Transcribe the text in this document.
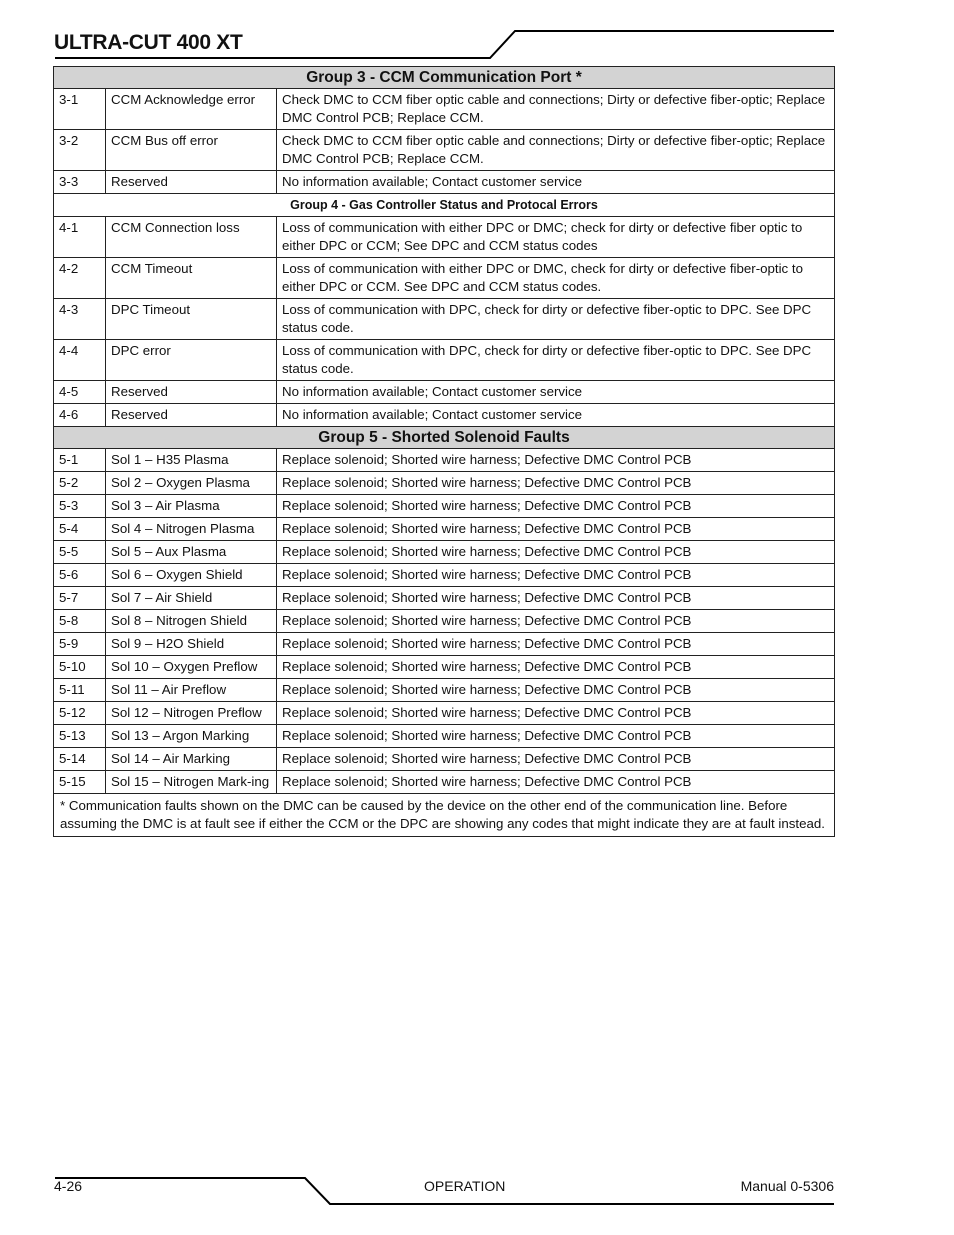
ULTRA-CUT 400 XT
Group 3 - CCM Communication Port *		
3-1	CCM Acknowledge error	Check DMC to CCM fiber optic cable and connections; Dirty or defective fiber-optic; Replace DMC Control PCB; Replace CCM.
3-2	CCM Bus off error	Check DMC to CCM fiber optic cable and connections; Dirty or defective fiber-optic; Replace DMC Control PCB; Replace CCM.
3-3	Reserved	No information available; Contact customer service
Group 4 - Gas Controller Status and Protocal Errors		
4-1	CCM Connection loss	Loss of communication with either DPC or DMC; check for dirty or defective fiber optic to either DPC or CCM; See DPC and CCM status codes
4-2	CCM Timeout	Loss of communication with either DPC or DMC, check for dirty or defective fiber-optic to either DPC or CCM. See DPC and CCM status codes.
4-3	DPC Timeout	Loss of communication with DPC, check for dirty or defective fiber-optic to DPC. See DPC status code.
4-4	DPC error	Loss of communication with DPC, check for dirty or defective fiber-optic to DPC. See DPC status code.
4-5	Reserved	No information available; Contact customer service
4-6	Reserved	No information available; Contact customer service
Group 5 - Shorted Solenoid Faults		
5-1	Sol 1 – H35 Plasma	Replace solenoid; Shorted wire harness; Defective DMC Control PCB
5-2	Sol 2 – Oxygen Plasma	Replace solenoid; Shorted wire harness; Defective DMC Control PCB
5-3	Sol 3 – Air Plasma	Replace solenoid; Shorted wire harness; Defective DMC Control PCB
5-4	Sol 4 – Nitrogen Plasma	Replace solenoid; Shorted wire harness; Defective DMC Control PCB
5-5	Sol 5 – Aux Plasma	Replace solenoid; Shorted wire harness; Defective DMC Control PCB
5-6	Sol 6 – Oxygen Shield	Replace solenoid; Shorted wire harness; Defective DMC Control PCB
5-7	Sol 7 – Air Shield	Replace solenoid; Shorted wire harness; Defective DMC Control PCB
5-8	Sol 8 – Nitrogen Shield	Replace solenoid; Shorted wire harness; Defective DMC Control PCB
5-9	Sol 9 – H2O Shield	Replace solenoid; Shorted wire harness; Defective DMC Control PCB
5-10	Sol 10 – Oxygen Preflow	Replace solenoid; Shorted wire harness; Defective DMC Control PCB
5-11	Sol 11 – Air Preflow	Replace solenoid; Shorted wire harness; Defective DMC Control PCB
5-12	Sol 12 – Nitrogen Preflow	Replace solenoid; Shorted wire harness; Defective DMC Control PCB
5-13	Sol 13 – Argon Marking	Replace solenoid; Shorted wire harness; Defective DMC Control PCB
5-14	Sol 14 – Air Marking	Replace solenoid; Shorted wire harness; Defective DMC Control PCB
5-15	Sol 15 – Nitrogen Mark-ing	Replace solenoid; Shorted wire harness; Defective DMC Control PCB
* Communication faults shown on the DMC can be caused by the device on the other end of the communication line. Before assuming the DMC is at fault see if either the CCM or the DPC are showing any codes that might indicate they are at fault instead.		
4-26	OPERATION	Manual 0-5306
